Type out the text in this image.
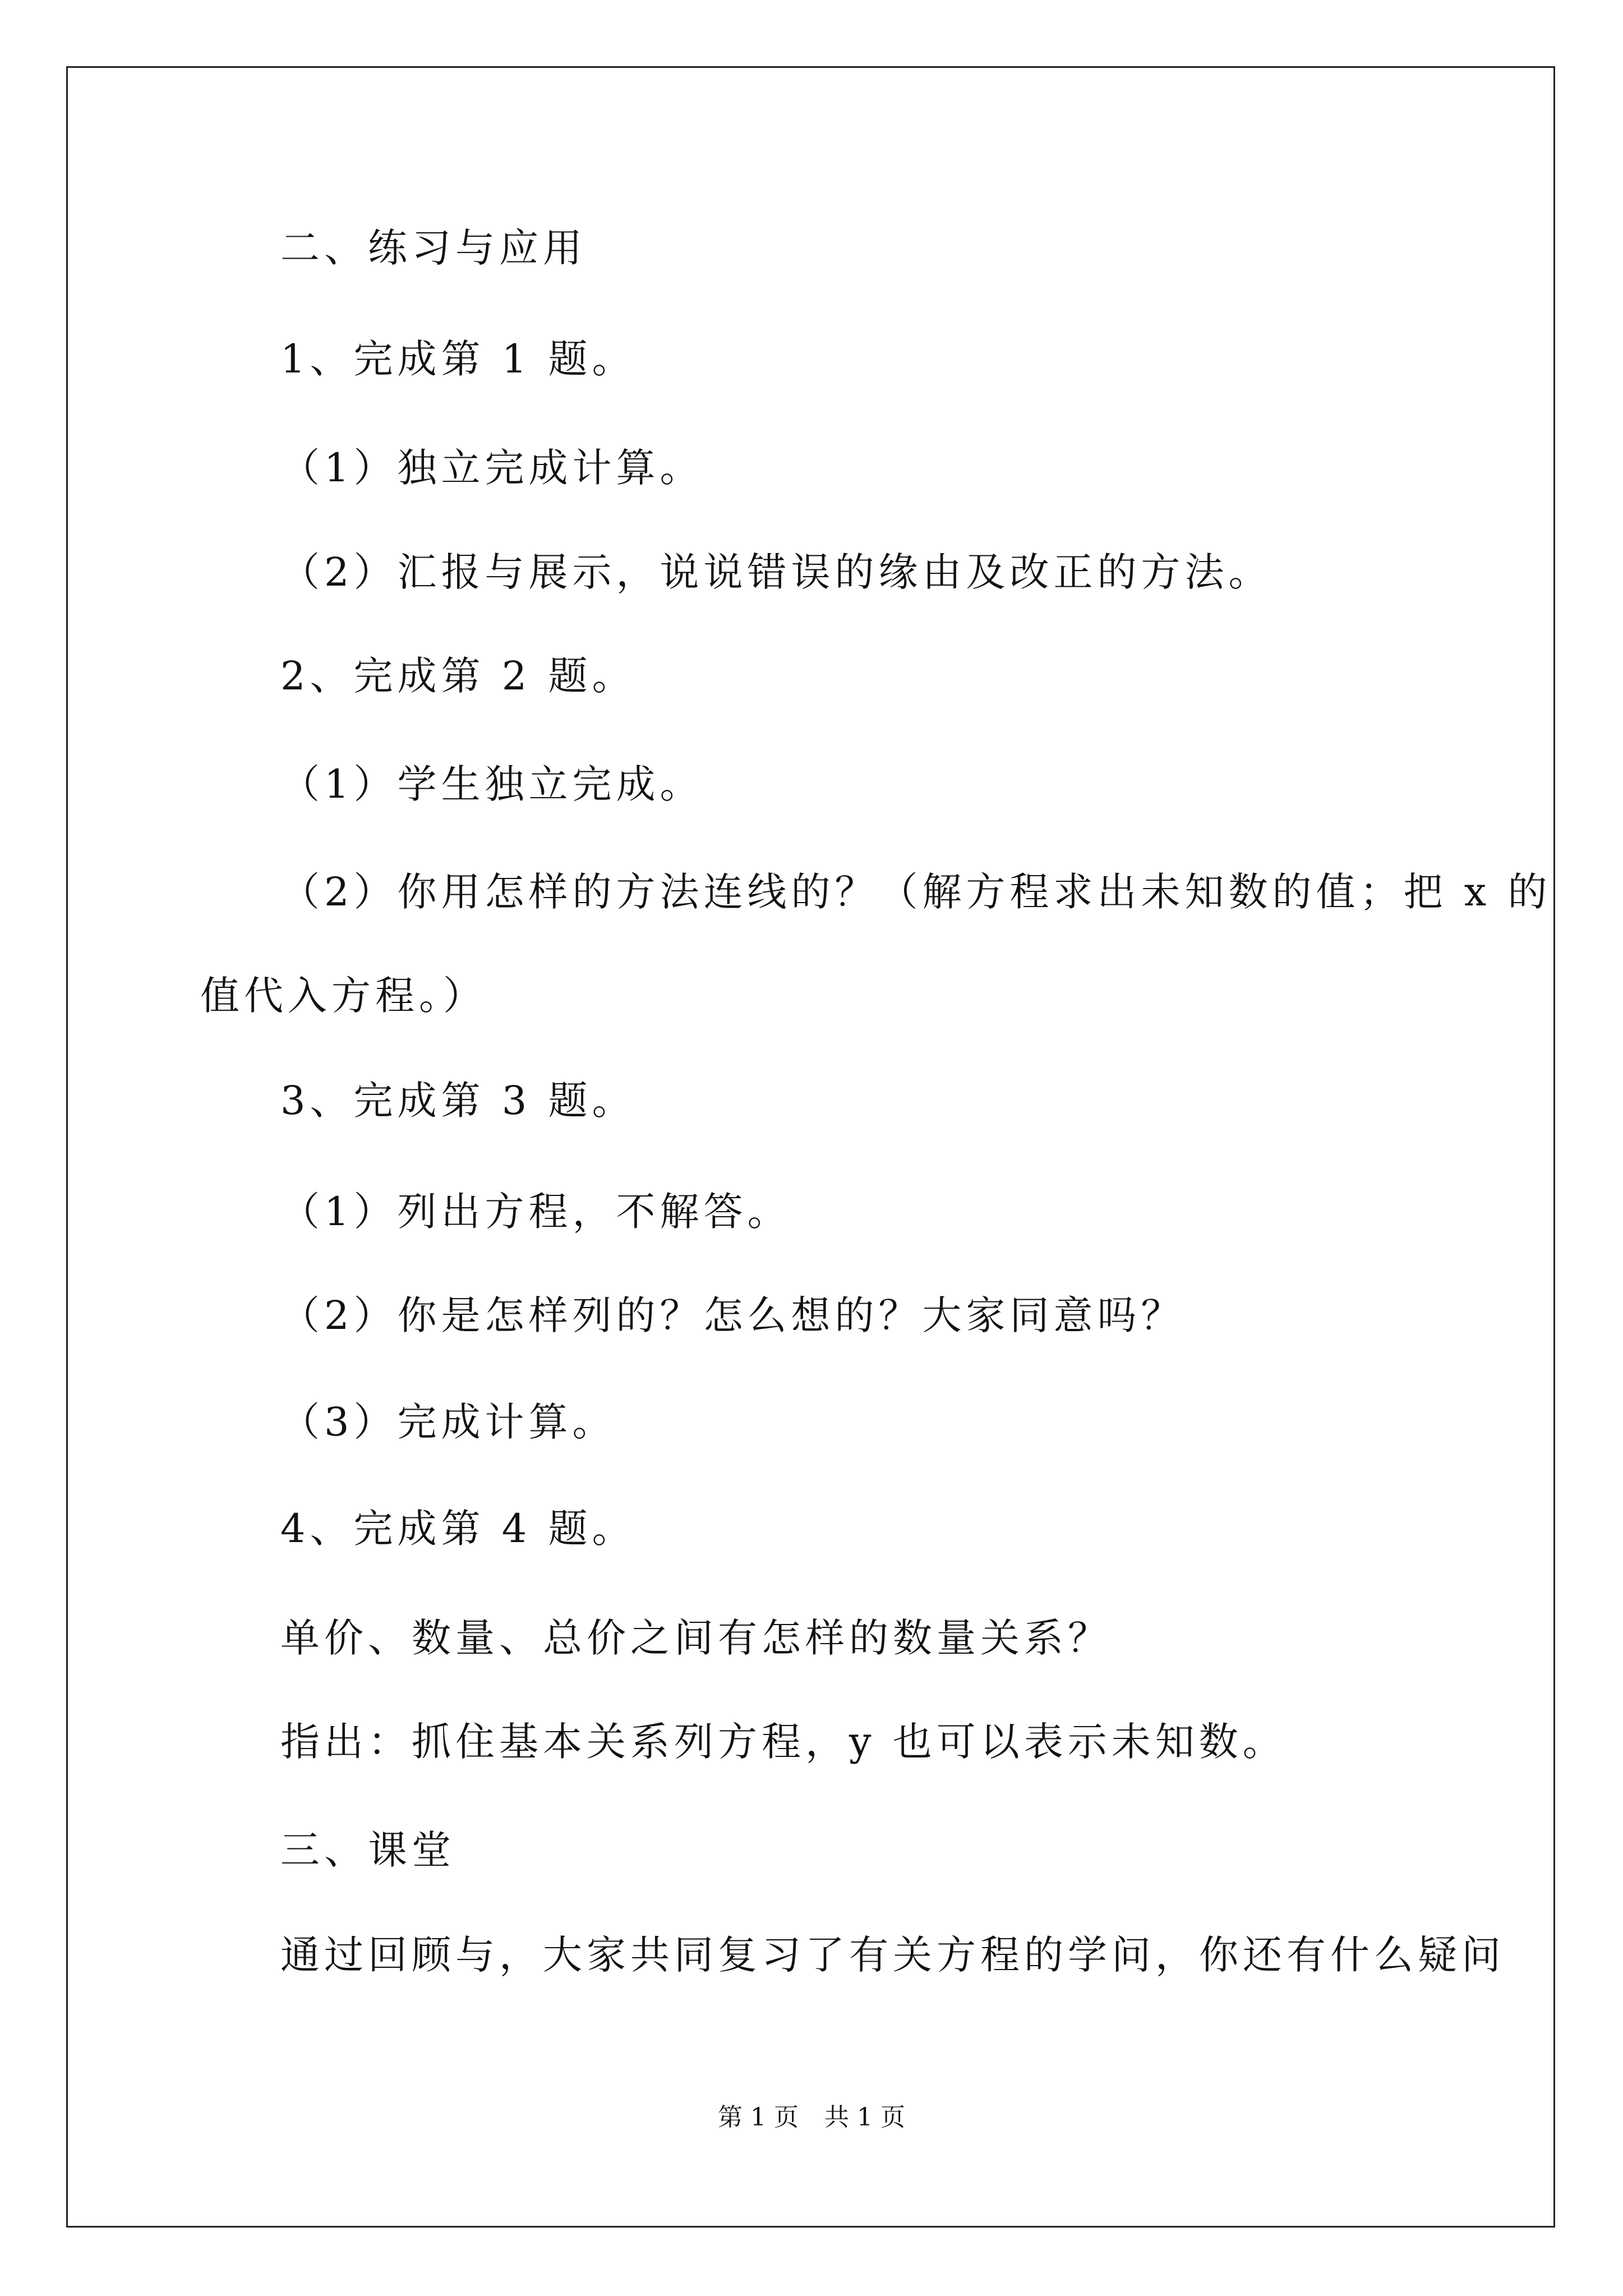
二、练习与应用
1、完成第 1 题。
（1）独立完成计算。
（2）汇报与展示，说说错误的缘由及改正的方法。
2、完成第 2 题。
（1）学生独立完成。
（2）你用怎样的方法连线的？（解方程求出未知数的值；把 x 的
值代入方程。）
3、完成第 3 题。
（1）列出方程，不解答。
（2）你是怎样列的？怎么想的？大家同意吗？
（3）完成计算。
4、完成第 4 题。
单价、数量、总价之间有怎样的数量关系？
指出：抓住基本关系列方程，y 也可以表示未知数。
三、课堂
通过回顾与，大家共同复习了有关方程的学问，你还有什么疑问
第 1 页 共 1 页
